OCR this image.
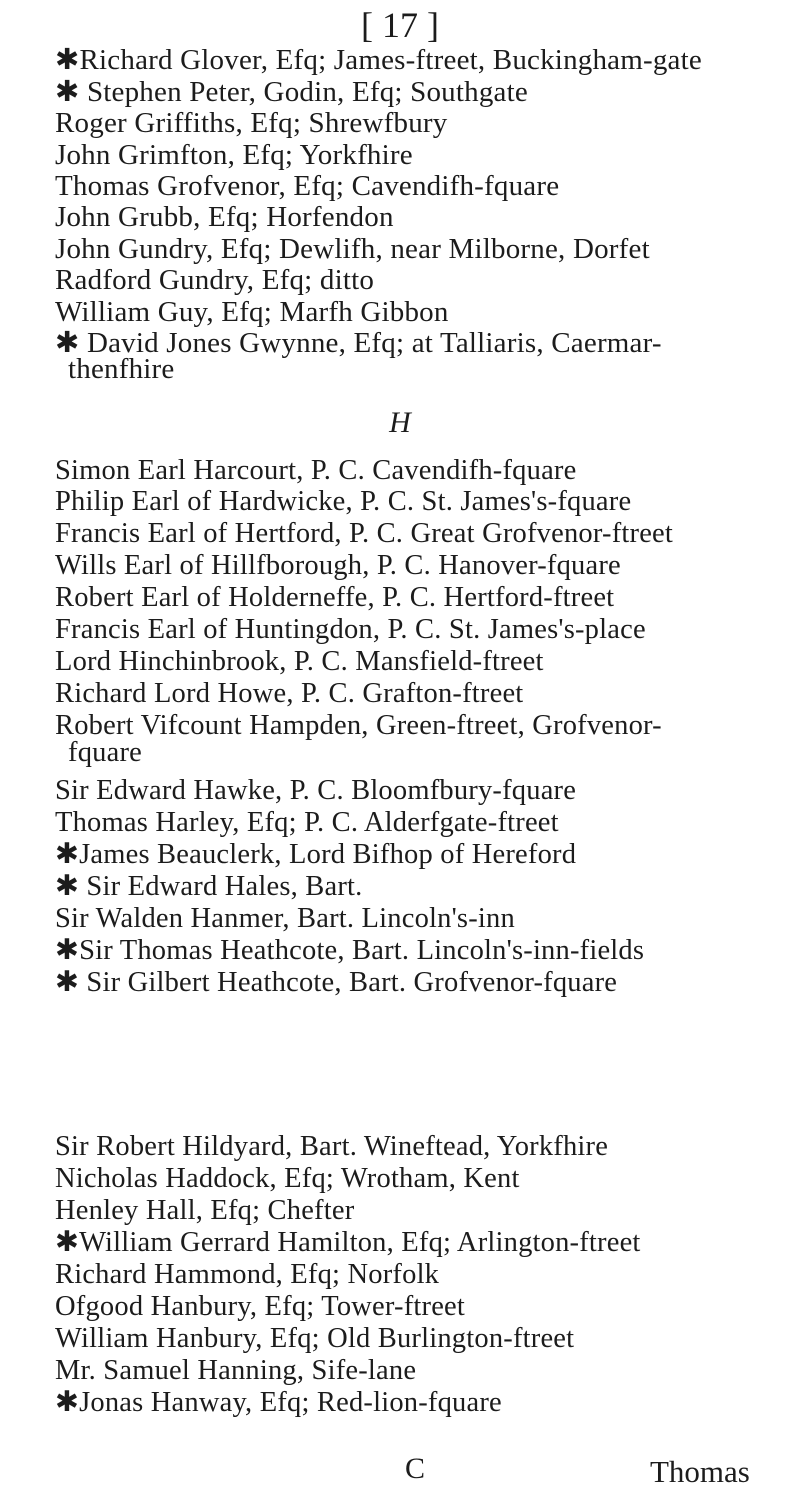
[ 17 ]
✱Richard Glover, Efq; James-ftreet, Buckingham-gate
✱ Stephen Peter, Godin, Efq; Southgate
Roger Griffiths, Efq; Shrewfbury
John Grimfton, Efq; Yorkfhire
Thomas Grofvenor, Efq; Cavendifh-fquare
John Grubb, Efq; Horfendon
John Gundry, Efq; Dewlifh, near Milborne, Dorfet
Radford Gundry, Efq; ditto
William Guy, Efq; Marfh Gibbon
✱ David Jones Gwynne, Efq; at Talliaris, Caermar-
thenfhire
H
Simon Earl Harcourt, P. C. Cavendifh-fquare
Philip Earl of Hardwicke, P. C. St. James's-fquare
Francis Earl of Hertford, P. C. Great Grofvenor-ftreet
Wills Earl of Hillfborough, P. C. Hanover-fquare
Robert Earl of Holderneffe, P. C. Hertford-ftreet
Francis Earl of Huntingdon, P. C. St. James's-place
Lord Hinchinbrook, P. C. Mansfield-ftreet
Richard Lord Howe, P. C. Grafton-ftreet
Robert Vifcount Hampden, Green-ftreet, Grofvenor-
fquare
Sir Edward Hawke, P. C. Bloomfbury-fquare
Thomas Harley, Efq; P. C. Alderfgate-ftreet
✱James Beauclerk, Lord Bifhop of Hereford
✱ Sir Edward Hales, Bart.
Sir Walden Hanmer, Bart. Lincoln's-inn
✱Sir Thomas Heathcote, Bart. Lincoln's-inn-fields
✱ Sir Gilbert Heathcote, Bart. Grofvenor-fquare
Sir Robert Hildyard, Bart. Wineftead, Yorkfhire
Nicholas Haddock, Efq; Wrotham, Kent
Henley Hall, Efq; Chefter
✱William Gerrard Hamilton, Efq; Arlington-ftreet
Richard Hammond, Efq; Norfolk
Ofgood Hanbury, Efq; Tower-ftreet
William Hanbury, Efq; Old Burlington-ftreet
Mr. Samuel Hanning, Sife-lane
✱Jonas Hanway, Efq; Red-lion-fquare
C	Thomas
